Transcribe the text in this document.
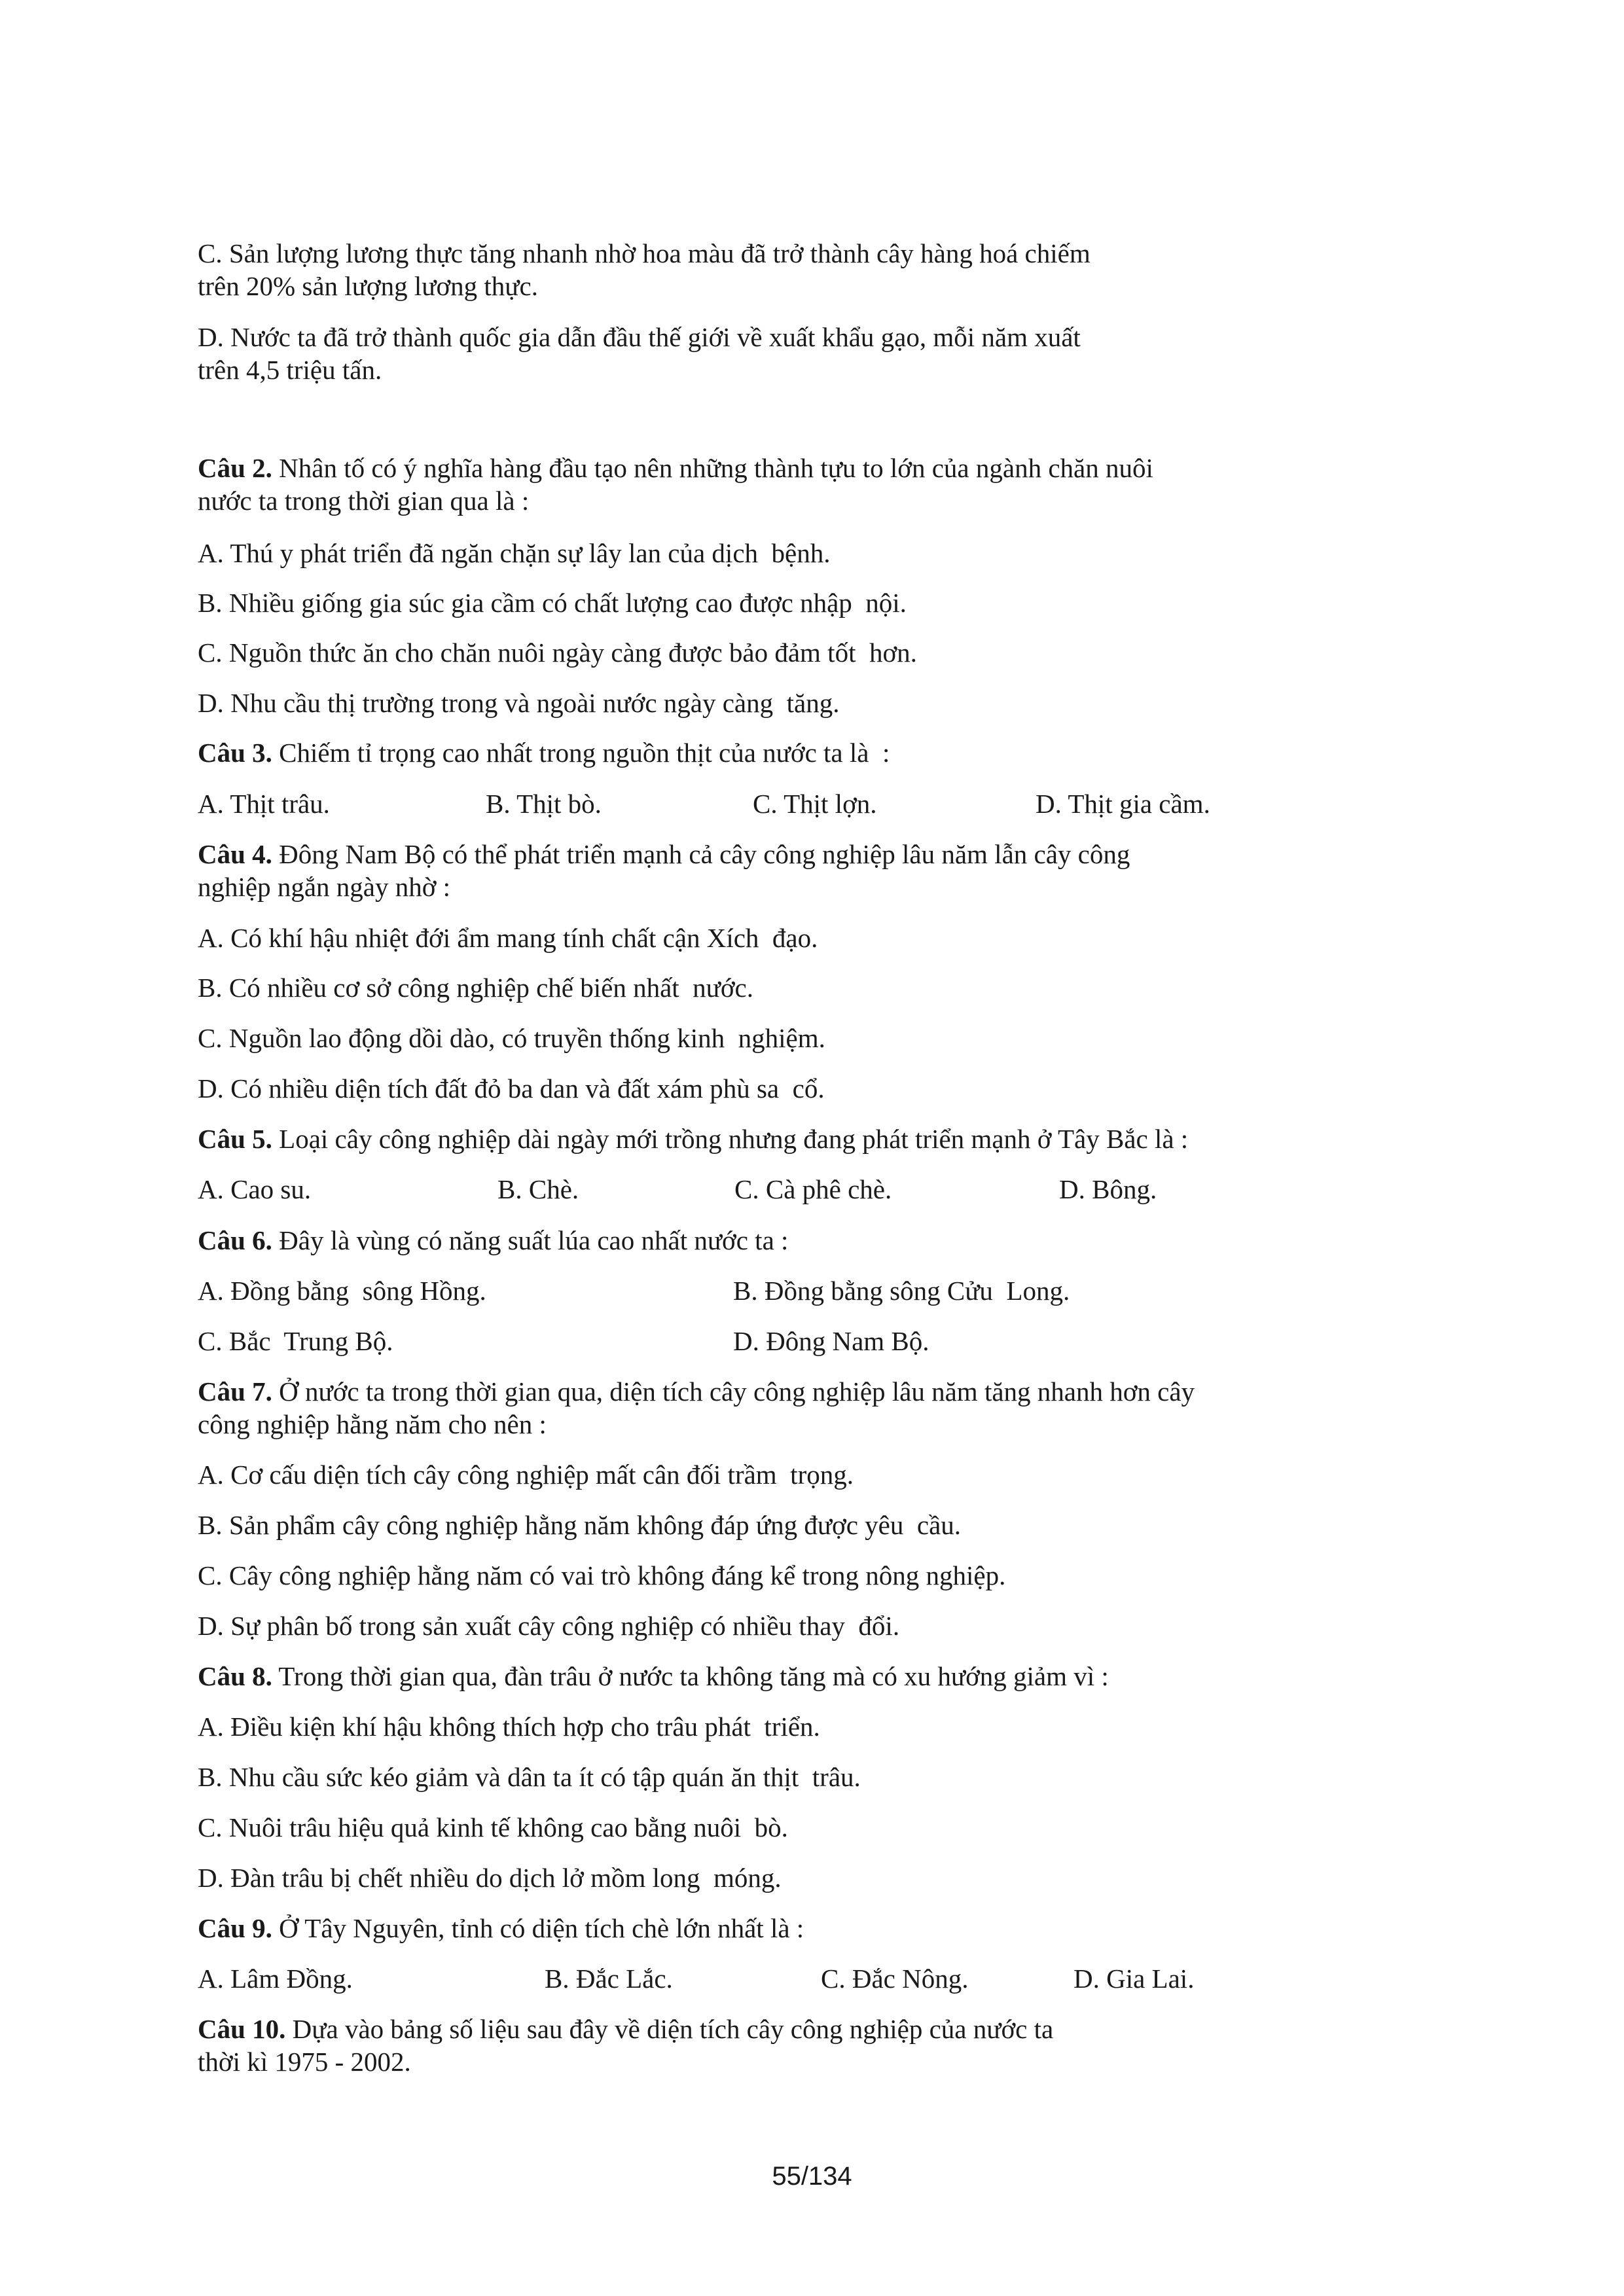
C. Sản lượng lương thực tăng nhanh nhờ hoa màu đã trở thành cây hàng hoá chiếm
trên 20% sản lượng lương thực.
D. Nước ta đã trở thành quốc gia dẫn đầu thế giới về xuất khẩu gạo, mỗi năm xuất
trên 4,5 triệu tấn.
Câu 2. Nhân tố có ý nghĩa hàng đầu tạo nên những thành tựu to lớn của ngành chăn nuôi
nước ta trong thời gian qua là :
A. Thú y phát triển đã ngăn chặn sự lây lan của dịch  bệnh.
B. Nhiều giống gia súc gia cầm có chất lượng cao được nhập  nội.
C. Nguồn thức ăn cho chăn nuôi ngày càng được bảo đảm tốt  hơn.
D. Nhu cầu thị trường trong và ngoài nước ngày càng  tăng.
Câu 3. Chiếm tỉ trọng cao nhất trong nguồn thịt của nước ta là  :
A. Thịt trâu.	B. Thịt bò.	C. Thịt lợn.	D. Thịt gia cầm.
Câu 4. Đông Nam Bộ có thể phát triển mạnh cả cây công nghiệp lâu năm lẫn cây công
nghiệp ngắn ngày nhờ :
A. Có khí hậu nhiệt đới ẩm mang tính chất cận Xích  đạo.
B. Có nhiều cơ sở công nghiệp chế biến nhất  nước.
C. Nguồn lao động dồi dào, có truyền thống kinh  nghiệm.
D. Có nhiều diện tích đất đỏ ba dan và đất xám phù sa  cổ.
Câu 5. Loại cây công nghiệp dài ngày mới trồng nhưng đang phát triển mạnh ở Tây Bắc là :
A. Cao su.	B. Chè.	C. Cà phê chè.	D. Bông.
Câu 6. Đây là vùng có năng suất lúa cao nhất nước ta :
A. Đồng bằng  sông Hồng.	B. Đồng bằng sông Cửu  Long.
C. Bắc  Trung Bộ.	D. Đông Nam Bộ.
Câu 7. Ở nước ta trong thời gian qua, diện tích cây công nghiệp lâu năm tăng nhanh hơn cây
công nghiệp hằng năm cho nên :
A. Cơ cấu diện tích cây công nghiệp mất cân đối trầm  trọng.
B. Sản phẩm cây công nghiệp hằng năm không đáp ứng được yêu  cầu.
C. Cây công nghiệp hằng năm có vai trò không đáng kể trong nông nghiệp.
D. Sự phân bố trong sản xuất cây công nghiệp có nhiều thay  đổi.
Câu 8. Trong thời gian qua, đàn trâu ở nước ta không tăng mà có xu hướng giảm vì :
A. Điều kiện khí hậu không thích hợp cho trâu phát  triển.
B. Nhu cầu sức kéo giảm và dân ta ít có tập quán ăn thịt  trâu.
C. Nuôi trâu hiệu quả kinh tế không cao bằng nuôi  bò.
D. Đàn trâu bị chết nhiều do dịch lở mồm long  móng.
Câu 9. Ở Tây Nguyên, tỉnh có diện tích chè lớn nhất là :
A. Lâm Đồng.	B. Đắc Lắc.	C. Đắc Nông.	D. Gia Lai.
Câu 10. Dựa vào bảng số liệu sau đây về diện tích cây công nghiệp của nước ta
thời kì 1975 - 2002.
55/134
